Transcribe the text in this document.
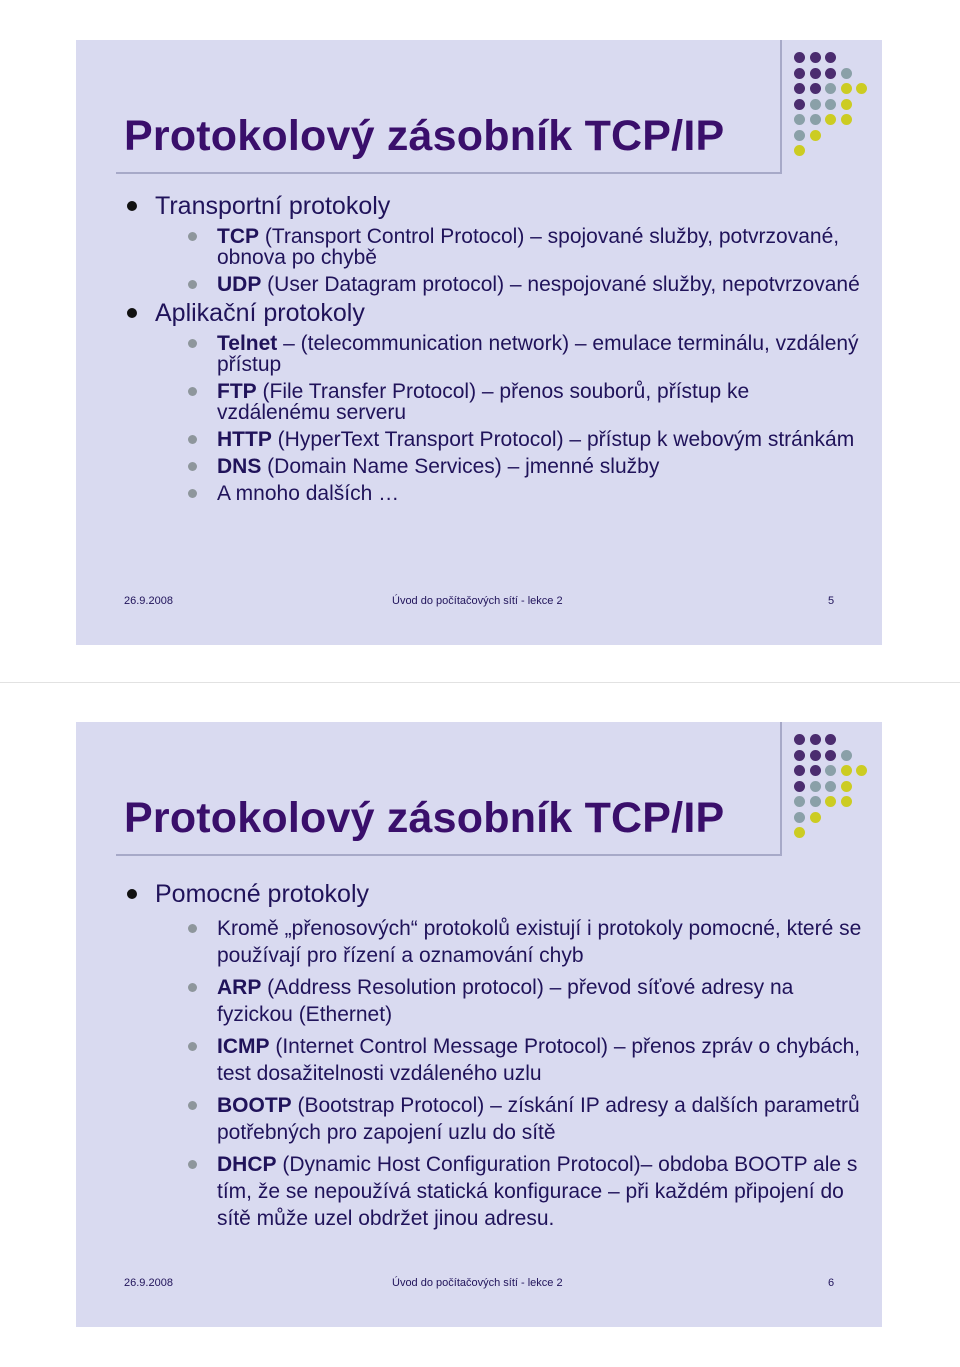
Protokolový zásobník TCP/IP
Transportní protokoly
TCP (Transport Control Protocol) – spojované služby, potvrzované, obnova po chybě
UDP (User Datagram protocol) – nespojované služby, nepotvrzované
Aplikační protokoly
Telnet – (telecommunication network) – emulace terminálu, vzdálený přístup
FTP (File Transfer Protocol) – přenos souborů, přístup ke vzdálenému serveru
HTTP (HyperText Transport Protocol) – přístup k webovým stránkám
DNS (Domain Name Services) – jmenné služby
A mnoho dalších …
26.9.2008	Úvod do počítačových sítí - lekce 2	5
Protokolový zásobník TCP/IP
Pomocné protokoly
Kromě „přenosových“ protokolů existují i protokoly pomocné, které se používají pro řízení a oznamování chyb
ARP (Address Resolution protocol) – převod síťové adresy na fyzickou (Ethernet)
ICMP (Internet Control Message Protocol) – přenos zpráv o chybách, test dosažitelnosti vzdáleného uzlu
BOOTP (Bootstrap Protocol) – získání IP adresy a dalších parametrů potřebných pro zapojení uzlu do sítě
DHCP (Dynamic Host Configuration Protocol)– obdoba BOOTP ale s tím, že se nepoužívá statická konfigurace – při každém připojení do sítě může uzel obdržet jinou adresu.
26.9.2008	Úvod do počítačových sítí - lekce 2	6
